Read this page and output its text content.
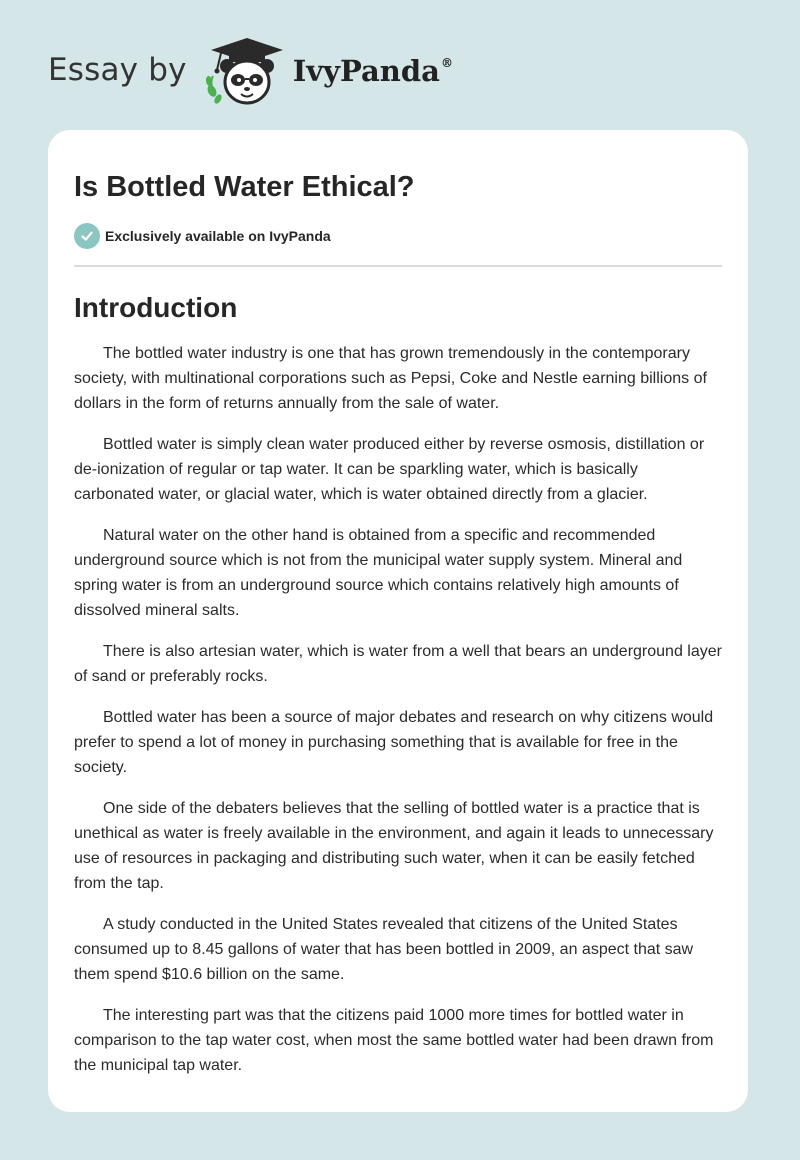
Essay by	IvyPanda®
Is Bottled Water Ethical?
Exclusively available on IvyPanda
Introduction

The bottled water industry is one that has grown tremendously in the contemporary society, with multinational corporations such as Pepsi, Coke and Nestle earning billions of dollars in the form of returns annually from the sale of water.

Bottled water is simply clean water produced either by reverse osmosis, distillation or de-ionization of regular or tap water. It can be sparkling water, which is basically carbonated water, or glacial water, which is water obtained directly from a glacier.

Natural water on the other hand is obtained from a specific and recommended underground source which is not from the municipal water supply system. Mineral and spring water is from an underground source which contains relatively high amounts of dissolved mineral salts.

There is also artesian water, which is water from a well that bears an underground layer of sand or preferably rocks.

Bottled water has been a source of major debates and research on why citizens would prefer to spend a lot of money in purchasing something that is available for free in the society.

One side of the debaters believes that the selling of bottled water is a practice that is unethical as water is freely available in the environment, and again it leads to unnecessary use of resources in packaging and distributing such water, when it can be easily fetched from the tap.

A study conducted in the United States revealed that citizens of the United States consumed up to 8.45 gallons of water that has been bottled in 2009, an aspect that saw them spend $10.6 billion on the same.

The interesting part was that the citizens paid 1000 more times for bottled water in comparison to the tap water cost, when most the same bottled water had been drawn from the municipal tap water.
